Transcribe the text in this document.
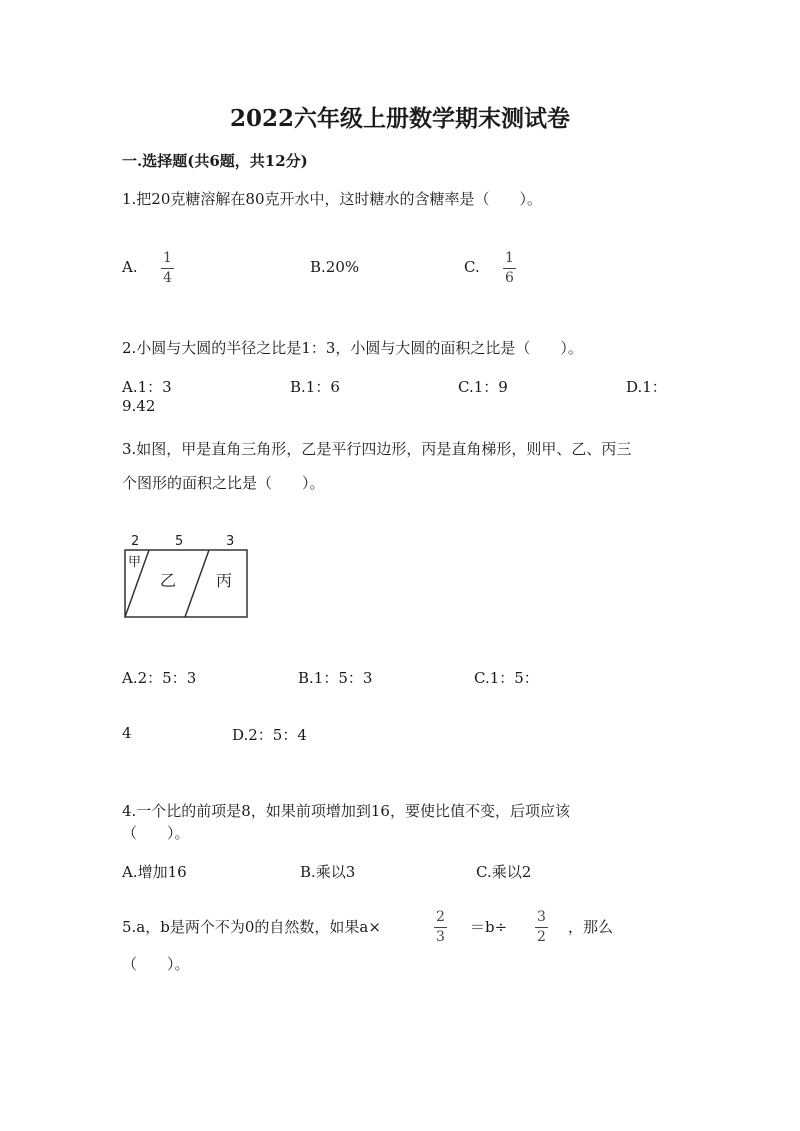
2022六年级上册数学期末测试卷
一.选择题(共6题，共12分)
1.把20克糖溶解在80克开水中，这时糖水的含糖率是（　　）。
A. 1
4
B.20%	C. 1
6
2.小圆与大圆的半径之比是1：3，小圆与大圆的面积之比是（　　）。
A.1：3	B.1：6	C.1：9	D.1：
9.42
3.如图，甲是直角三角形，乙是平行四边形，丙是直角梯形，则甲、乙、丙三
个图形的面积之比是（　　）。
2	5	3
甲
乙 丙
A.2：5：3	B.1：5：3	C.1：5：
4	D.2：5：4
4.一个比的前项是8，如果前项增加到16，要使比值不变，后项应该
（　　）。
A.增加16	B.乘以3	C.乘以2
5.a，b是两个不为0的自然数，如果a×
2
3
＝b÷
3
2
，那么
（　　）。
